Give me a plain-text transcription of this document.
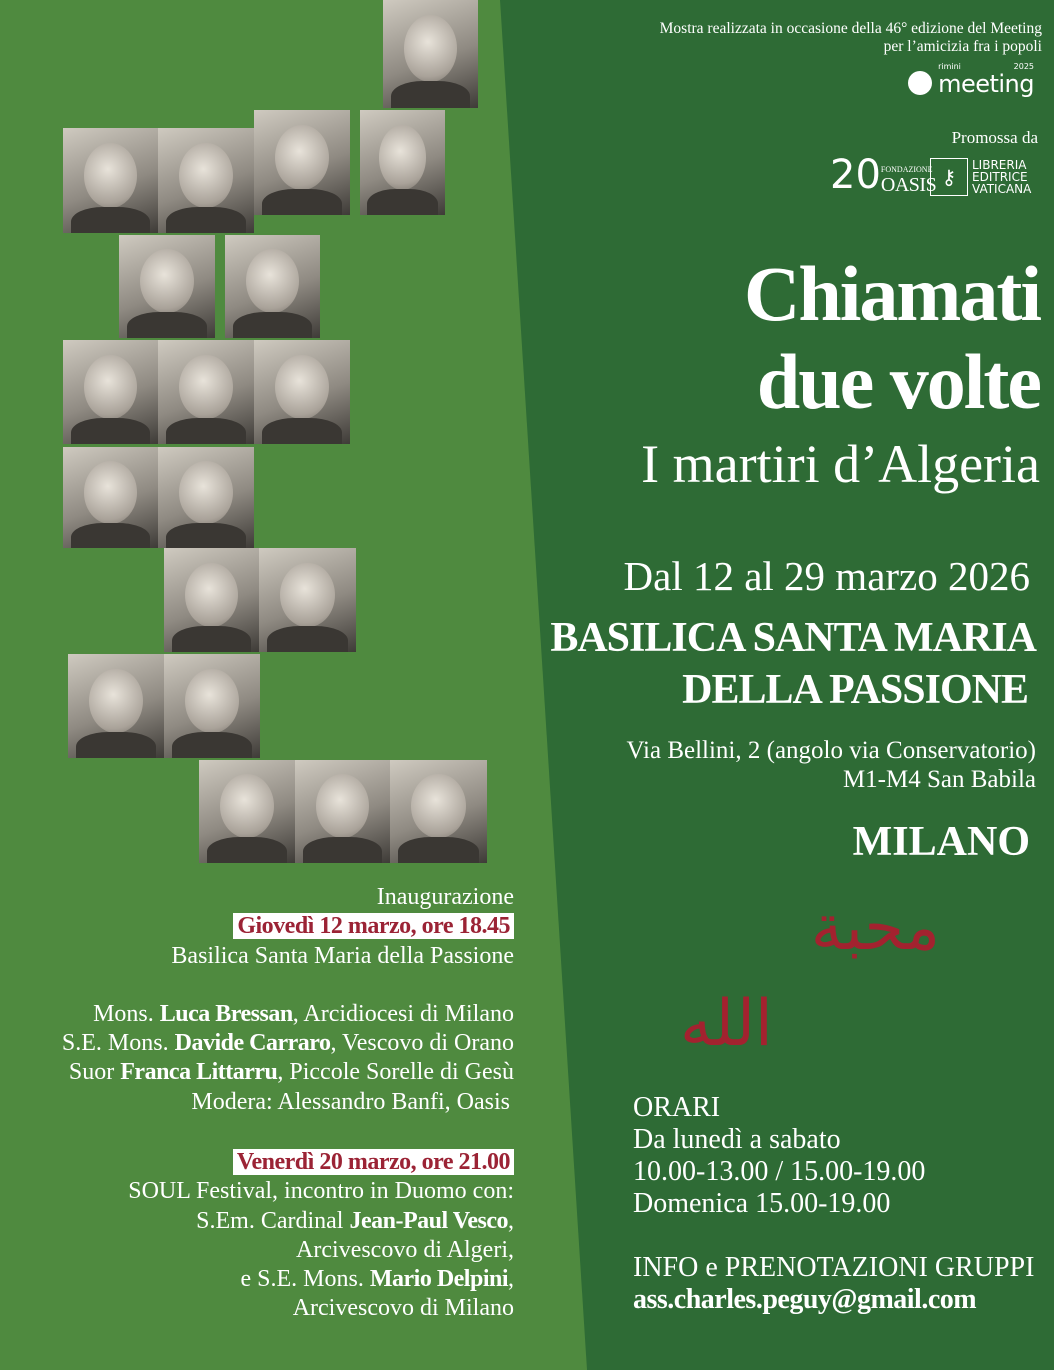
Mostra realizzata in occasione della 46° edizione del Meeting
per l’amicizia fra i popoli
rimini	2025
meeting
Promossa da
20 FONDAZIONE
OASIS ⚷
LIBRERIA
EDITRICE
VATICANA
Chiamati
due volte
I martiri d’Algeria
Dal 12 al 29 marzo 2026
BASILICA SANTA MARIA
DELLA PASSIONE
Via Bellini, 2 (angolo via Conservatorio)
M1-M4 San Babila
MILANO
محبة
الله
ORARI
Da lunedì a sabato
10.00-13.00 / 15.00-19.00
Domenica 15.00-19.00
INFO e PRENOTAZIONI GRUPPI
ass.charles.peguy@gmail.com
Inaugurazione
Giovedì 12 marzo, ore 18.45
Basilica Santa Maria della Passione
Mons. Luca Bressan, Arcidiocesi di Milano
S.E. Mons. Davide Carraro, Vescovo di Orano
Suor Franca Littarru, Piccole Sorelle di Gesù
Modera: Alessandro Banfi, Oasis
Venerdì 20 marzo, ore 21.00
SOUL Festival, incontro in Duomo con:
S.Em. Cardinal Jean-Paul Vesco,
Arcivescovo di Algeri,
e S.E. Mons. Mario Delpini,
Arcivescovo di Milano
